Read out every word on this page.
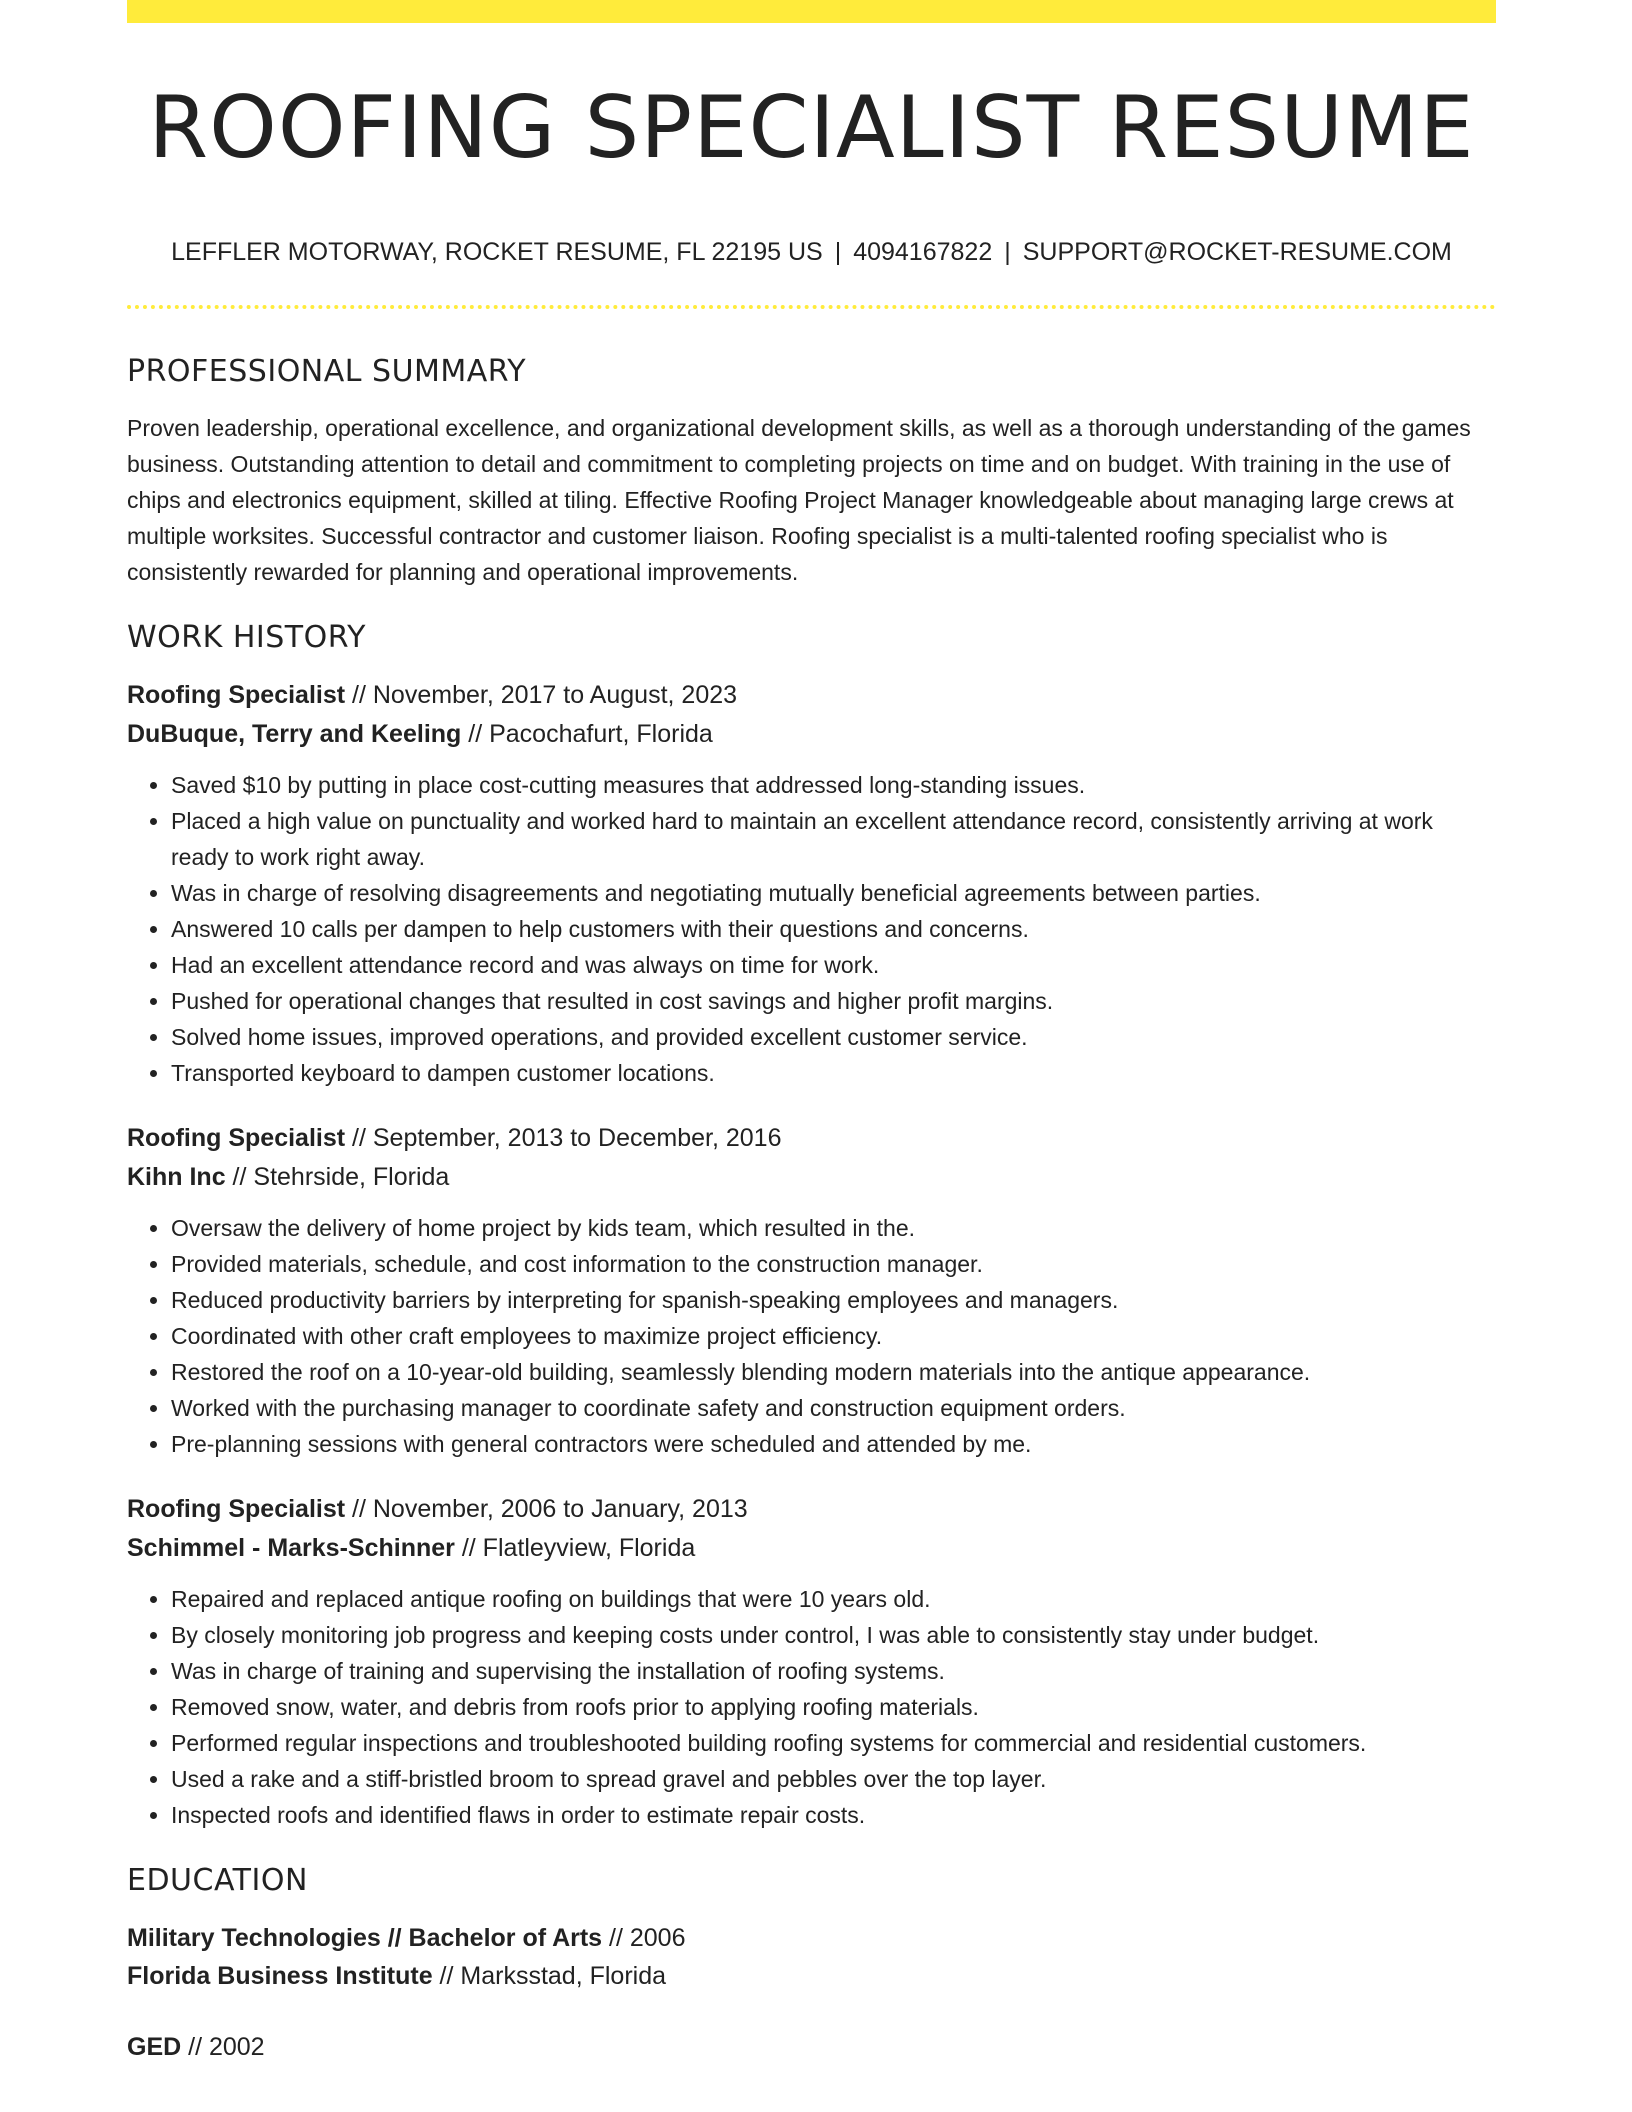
ROOFING SPECIALIST RESUME
LEFFLER MOTORWAY, ROCKET RESUME, FL 22195 US | 4094167822 | SUPPORT@ROCKET-RESUME.COM
PROFESSIONAL SUMMARY

Proven leadership, operational excellence, and organizational development skills, as well as a thorough understanding of the games business. Outstanding attention to detail and commitment to completing projects on time and on budget. With training in the use of chips and electronics equipment, skilled at tiling. Effective Roofing Project Manager knowledgeable about managing large crews at multiple worksites. Successful contractor and customer liaison. Roofing specialist is a multi-talented roofing specialist who is consistently rewarded for planning and operational improvements.

WORK HISTORY
Roofing Specialist // November, 2017 to August, 2023
DuBuque, Terry and Keeling // Pacochafurt, Florida
• Saved $10 by putting in place cost-cutting measures that addressed long-standing issues.
• Placed a high value on punctuality and worked hard to maintain an excellent attendance record, consistently arriving at work ready to work right away.
• Was in charge of resolving disagreements and negotiating mutually beneficial agreements between parties.
• Answered 10 calls per dampen to help customers with their questions and concerns.
• Had an excellent attendance record and was always on time for work.
• Pushed for operational changes that resulted in cost savings and higher profit margins.
• Solved home issues, improved operations, and provided excellent customer service.
• Transported keyboard to dampen customer locations.
Roofing Specialist // September, 2013 to December, 2016
Kihn Inc // Stehrside, Florida
• Oversaw the delivery of home project by kids team, which resulted in the.
• Provided materials, schedule, and cost information to the construction manager.
• Reduced productivity barriers by interpreting for spanish-speaking employees and managers.
• Coordinated with other craft employees to maximize project efficiency.
• Restored the roof on a 10-year-old building, seamlessly blending modern materials into the antique appearance.
• Worked with the purchasing manager to coordinate safety and construction equipment orders.
• Pre-planning sessions with general contractors were scheduled and attended by me.
Roofing Specialist // November, 2006 to January, 2013
Schimmel - Marks-Schinner // Flatleyview, Florida
• Repaired and replaced antique roofing on buildings that were 10 years old.
• By closely monitoring job progress and keeping costs under control, I was able to consistently stay under budget.
• Was in charge of training and supervising the installation of roofing systems.
• Removed snow, water, and debris from roofs prior to applying roofing materials.
• Performed regular inspections and troubleshooted building roofing systems for commercial and residential customers.
• Used a rake and a stiff-bristled broom to spread gravel and pebbles over the top layer.
• Inspected roofs and identified flaws in order to estimate repair costs.
EDUCATION
Military Technologies // Bachelor of Arts // 2006
Florida Business Institute // Marksstad, Florida
GED // 2002
